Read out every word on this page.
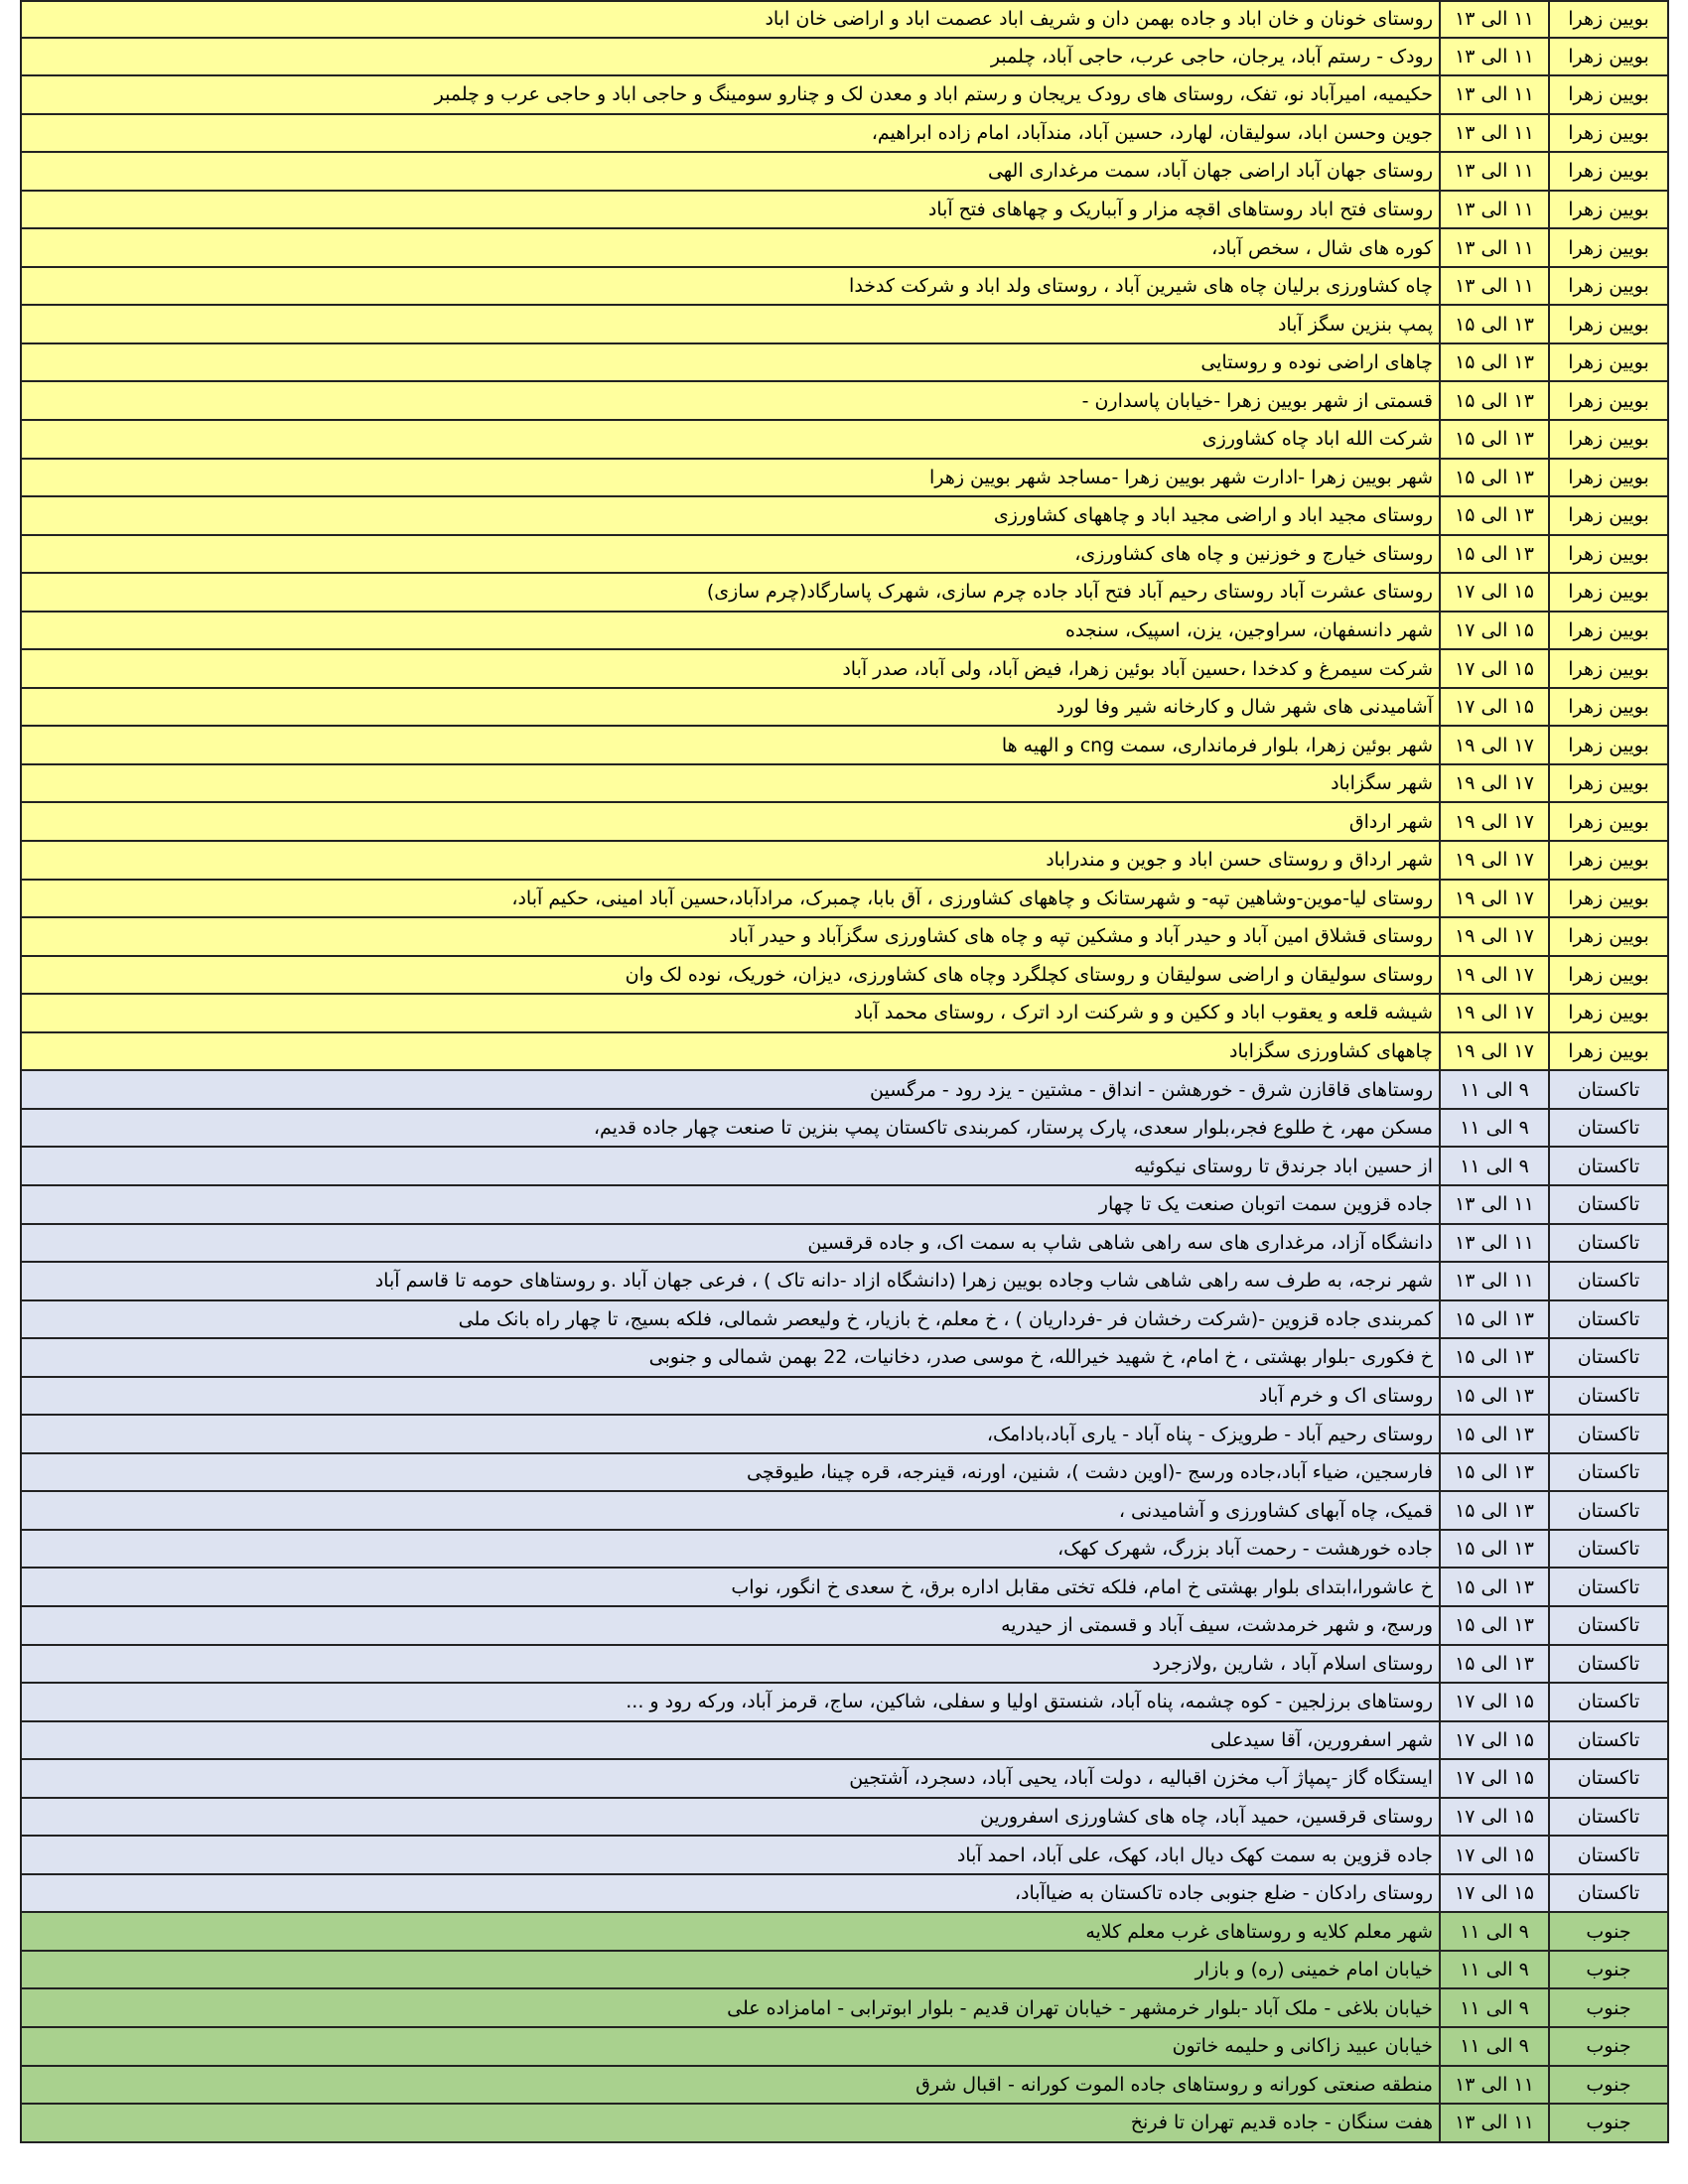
بویین زهرا
۱۱ الی ۱۳
روستای خونان و خان اباد و جاده بهمن دان و شریف اباد عصمت اباد و اراضی خان اباد
بویین زهرا
۱۱ الی ۱۳
رودک - رستم آباد، یرجان، حاجی عرب، حاجی آباد، چلمبر
بویین زهرا
۱۱ الی ۱۳
حکیمیه، امیرآباد نو، تفک، روستای های رودک یریجان و رستم اباد و معدن لک و چنارو سومینگ و حاجی اباد و حاجی عرب و چلمبر
بویین زهرا
۱۱ الی ۱۳
جوین وحسن اباد، سولیقان، لهارد، حسین آباد، مندآباد، امام زاده ابراهیم،
بویین زهرا
۱۱ الی ۱۳
روستای جهان آباد اراضی جهان آباد، سمت مرغداری الهی
بویین زهرا
۱۱ الی ۱۳
روستای فتح اباد روستاهای اقچه مزار و آبباریک و چهاهای فتح آباد
بویین زهرا
۱۱ الی ۱۳
کوره های شال ، سخص آباد،
بویین زهرا
۱۱ الی ۱۳
چاه کشاورزی برلیان چاه های شیرین آباد ، روستای ولد اباد و شرکت کدخدا
بویین زهرا
۱۳ الی ۱۵
پمپ بنزین سگز آباد
بویین زهرا
۱۳ الی ۱۵
چاهای اراضی نوده و روستایی
بویین زهرا
۱۳ الی ۱۵
قسمتی از شهر بویین زهرا -خیابان پاسدارن -
بویین زهرا
۱۳ الی ۱۵
شرکت الله اباد چاه کشاورزی
بویین زهرا
۱۳ الی ۱۵
شهر بویین زهرا -ادارت شهر بویین زهرا -مساجد شهر بویین زهرا
بویین زهرا
۱۳ الی ۱۵
روستای مجید اباد و اراضی مجید اباد و چاههای کشاورزی
بویین زهرا
۱۳ الی ۱۵
روستای خیارج و خوزنین و چاه های کشاورزی،
بویین زهرا
۱۵ الی ۱۷
روستای عشرت آباد روستای رحیم آباد فتح آباد جاده چرم سازی، شهرک پاسارگاد(چرم سازی)
بویین زهرا
۱۵ الی ۱۷
شهر دانسفهان، سراوجین، یزن، اسپیک، سنجده
بویین زهرا
۱۵ الی ۱۷
شرکت سیمرغ و کدخدا ،حسین آباد بوئین زهرا، فیض آباد، ولی آباد، صدر آباد
بویین زهرا
۱۵ الی ۱۷
آشامیدنی های شهر شال و کارخانه شیر وفا لورد
بویین زهرا
۱۷ الی ۱۹
شهر بوئین زهرا، بلوار فرمانداری، سمت cng و الهیه ها
بویین زهرا
۱۷ الی ۱۹
شهر سگزاباد
بویین زهرا
۱۷ الی ۱۹
شهر ارداق
بویین زهرا
۱۷ الی ۱۹
شهر ارداق و روستای حسن اباد و جوین و مندراباد
بویین زهرا
۱۷ الی ۱۹
روستای لیا-موین-وشاهین تپه- و شهرستانک و چاههای کشاورزی ، آق بابا، چمبرک، مرادآباد،حسین آباد امینی، حکیم آباد،
بویین زهرا
۱۷ الی ۱۹
روستای قشلاق امین آباد و حیدر آباد و مشکین تپه و چاه های کشاورزی سگزآباد و حیدر آباد
بویین زهرا
۱۷ الی ۱۹
روستای سولیقان و اراضی سولیقان و روستای کچلگرد وچاه های کشاورزی، دیزان، خوریک، نوده لک وان
بویین زهرا
۱۷ الی ۱۹
شیشه قلعه و یعقوب اباد و ککین و و شرکنت ارد اترک ، روستای محمد آباد
بویین زهرا
۱۷ الی ۱۹
چاههای کشاورزی سگزاباد
تاکستان
۹ الی ۱۱
روستاهای قاقازن شرق - خورهشن - انداق - مشتین - یزد رود - مرگسین
تاکستان
۹ الی ۱۱
مسکن مهر، خ طلوع فجر،بلوار سعدی، پارک پرستار، کمربندی تاکستان پمپ بنزین تا صنعت چهار جاده قدیم،
تاکستان
۹ الی ۱۱
از حسین اباد جرندق تا روستای نیکوئیه
تاکستان
۱۱ الی ۱۳
جاده قزوین سمت اتوبان صنعت یک تا چهار
تاکستان
۱۱ الی ۱۳
دانشگاه آزاد، مرغداری های سه راهی شاهی شاپ به سمت اک، و جاده قرقسین
تاکستان
۱۱ الی ۱۳
شهر نرجه، به طرف سه راهی شاهی شاب وجاده بویین زهرا (دانشگاه ازاد -دانه تاک ) ، فرعی جهان آباد .و روستاهای حومه تا قاسم آباد
تاکستان
۱۳ الی ۱۵
کمربندی جاده قزوین -(شرکت رخشان فر -فرداریان ) ، خ معلم، خ بازیار، خ ولیعصر شمالی، فلکه بسیج، تا چهار راه بانک ملی
تاکستان
۱۳ الی ۱۵
خ فکوری -بلوار بهشتی ، خ امام، خ شهید خیرالله، خ موسی صدر، دخانیات، 22 بهمن شمالی و جنوبی
تاکستان
۱۳ الی ۱۵
روستای اک و خرم آباد
تاکستان
۱۳ الی ۱۵
روستای رحیم آباد - طرویزک - پناه آباد - یاری آباد،بادامک،
تاکستان
۱۳ الی ۱۵
فارسجین، ضیاء آباد،جاده ورسج -(اوین دشت )، شنین، اورنه، قینرجه، قره چینا، طیوقچی
تاکستان
۱۳ الی ۱۵
قمیک، چاه آبهای کشاورزی و آشامیدنی ،
تاکستان
۱۳ الی ۱۵
جاده خورهشت - رحمت آباد بزرگ، شهرک کهک،
تاکستان
۱۳ الی ۱۵
خ عاشورا،ابتدای بلوار بهشتی خ امام، فلکه تختی مقابل اداره برق، خ سعدی خ انگور، نواب
تاکستان
۱۳ الی ۱۵
ورسج، و شهر خرمدشت، سیف آباد و قسمتی از حیدریه
تاکستان
۱۳ الی ۱۵
روستای اسلام آباد ، شارین ,ولازجرد
تاکستان
۱۵ الی ۱۷
روستاهای برزلجین - کوه چشمه، پناه آباد، شنستق اولیا و سفلی، شاکین، ساج، قرمز آباد، ورکه رود و ...
تاکستان
۱۵ الی ۱۷
شهر اسفرورین، آقا سیدعلی
تاکستان
۱۵ الی ۱۷
ایستگاه گاز -پمپاژ آب مخزن اقبالیه ، دولت آباد، یحیی آباد، دسجرد، آشتجین
تاکستان
۱۵ الی ۱۷
روستای قرقسین، حمید آباد، چاه های کشاورزی اسفرورین
تاکستان
۱۵ الی ۱۷
جاده قزوین به سمت کهک دیال اباد، کهک، علی آباد، احمد آباد
تاکستان
۱۵ الی ۱۷
روستای رادکان - ضلع جنوبی جاده تاکستان به ضیاآباد،
جنوب
۹ الی ۱۱
شهر معلم کلایه و روستاهای غرب معلم کلایه
جنوب
۹ الی ۱۱
خیابان امام خمینی (ره) و بازار
جنوب
۹ الی ۱۱
خیابان بلاغی - ملک آباد -بلوار خرمشهر - خیابان تهران قدیم - بلوار ابوترابی - امامزاده علی
جنوب
۹ الی ۱۱
خیابان عبید زاکانی و حلیمه خاتون
جنوب
۱۱ الی ۱۳
منطقه صنعتی کورانه و روستاهای جاده الموت کورانه - اقبال شرق
جنوب
۱۱ الی ۱۳
هفت سنگان - جاده قدیم تهران تا فرنخ
